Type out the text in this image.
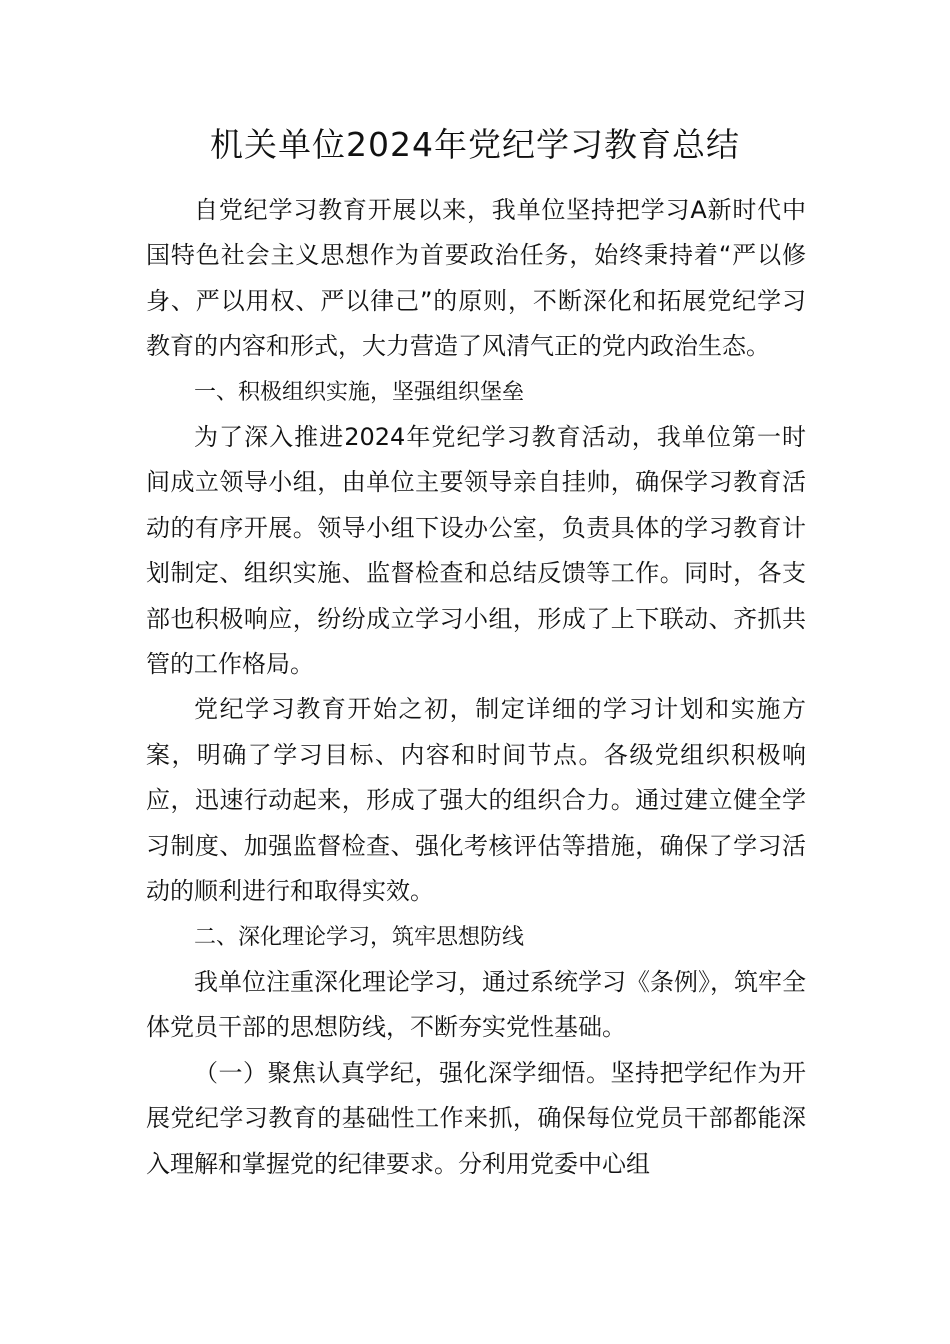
机关单位2024年党纪学习教育总结

自党纪学习教育开展以来，我单位坚持把学习A新时代中国特色社会主义思想作为首要政治任务，始终秉持着“严以修身、严以用权、严以律己”的原则，不断深化和拓展党纪学习教育的内容和形式，大力营造了风清气正的党内政治生态。

一、积极组织实施，坚强组织堡垒

为了深入推进2024年党纪学习教育活动，我单位第一时间成立领导小组，由单位主要领导亲自挂帅，确保学习教育活动的有序开展。领导小组下设办公室，负责具体的学习教育计划制定、组织实施、监督检查和总结反馈等工作。同时，各支部也积极响应，纷纷成立学习小组，形成了上下联动、齐抓共管的工作格局。

党纪学习教育开始之初，制定详细的学习计划和实施方案，明确了学习目标、内容和时间节点。各级党组织积极响应，迅速行动起来，形成了强大的组织合力。通过建立健全学习制度、加强监督检查、强化考核评估等措施，确保了学习活动的顺利进行和取得实效。

二、深化理论学习，筑牢思想防线

我单位注重深化理论学习，通过系统学习《条例》，筑牢全体党员干部的思想防线，不断夯实党性基础。

（一）聚焦认真学纪，强化深学细悟。坚持把学纪作为开展党纪学习教育的基础性工作来抓，确保每位党员干部都能深入理解和掌握党的纪律要求。分利用党委中心组
